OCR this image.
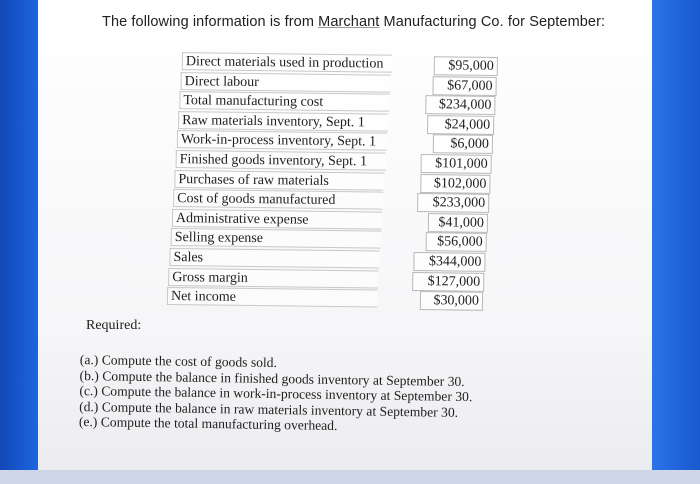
The following information is from Marchant Manufacturing Co. for September:
Direct materials used in production	$95,000
Direct labour	$67,000
Total manufacturing cost	$234,000
Raw materials inventory, Sept. 1	$24,000
Work-in-process inventory, Sept. 1	$6,000
Finished goods inventory, Sept. 1	$101,000
Purchases of raw materials	$102,000
Cost of goods manufactured	$233,000
Administrative expense	$41,000
Selling expense	$56,000
Sales	$344,000
Gross margin	$127,000
Net income	$30,000
Required:
(a.) Compute the cost of goods sold.
(b.) Compute the balance in finished goods inventory at September 30.
(c.) Compute the balance in work-in-process inventory at September 30.
(d.) Compute the balance in raw materials inventory at September 30.
(e.) Compute the total manufacturing overhead.
